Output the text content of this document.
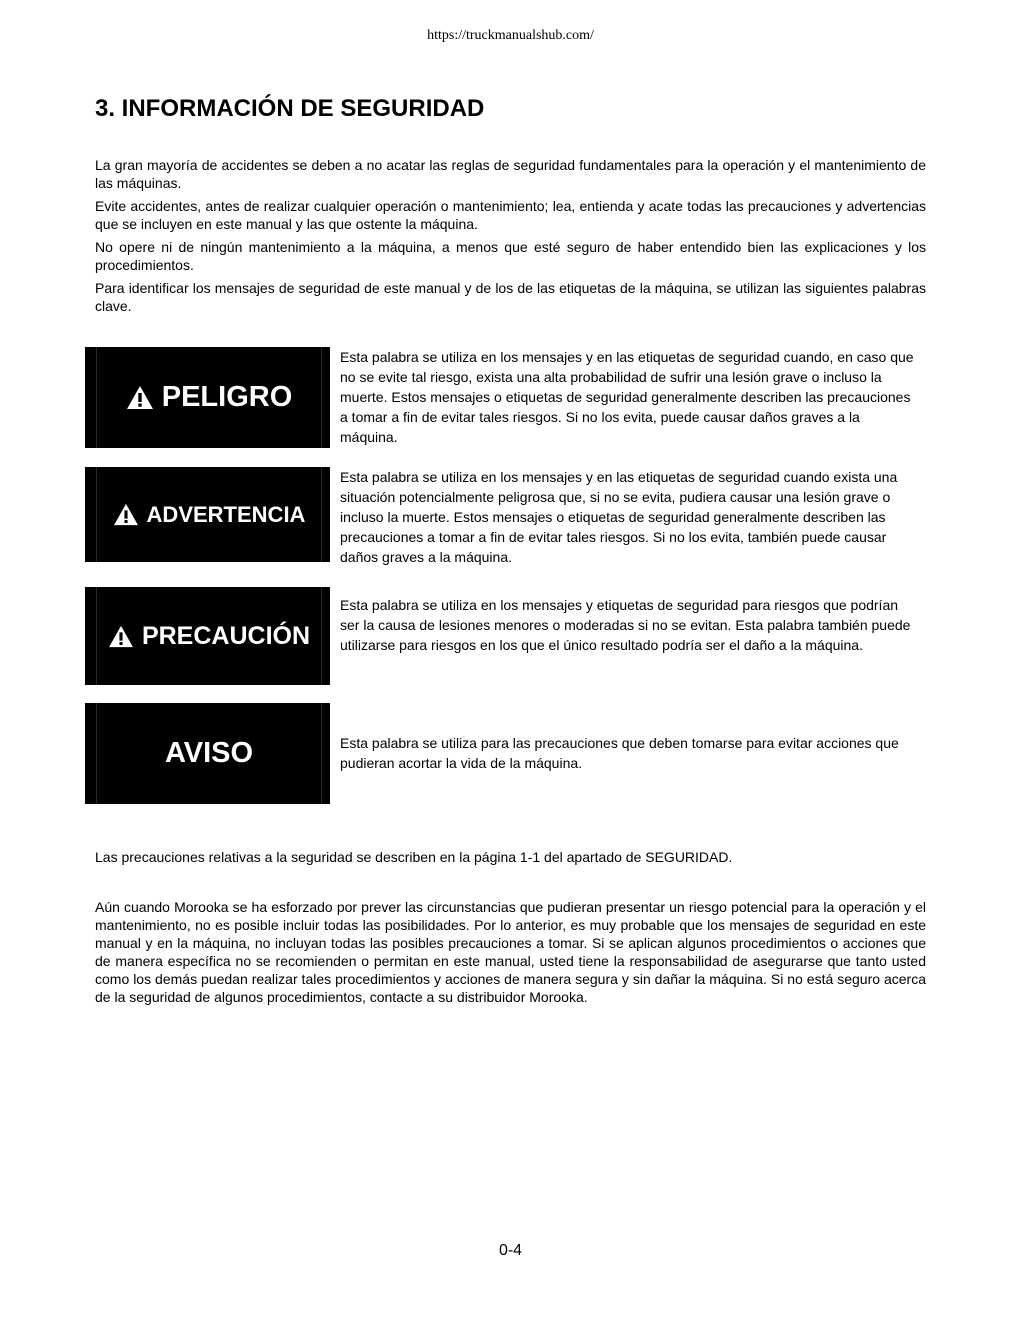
https://truckmanualshub.com/
3. INFORMACIÓN DE SEGURIDAD

La gran mayoría de accidentes se deben a no acatar las reglas de seguridad fundamentales para la operación y el mantenimiento de las máquinas.

Evite accidentes, antes de realizar cualquier operación o mantenimiento; lea, entienda y acate todas las precauciones y advertencias que se incluyen en este manual y las que ostente la máquina.

No opere ni de ningún mantenimiento a la máquina, a menos que esté seguro de haber entendido bien las explicaciones y los procedimientos.

Para identificar los mensajes de seguridad de este manual y de los de las etiquetas de la máquina, se utilizan las siguientes palabras clave.

PELIGRO

Esta palabra se utiliza en los mensajes y en las etiquetas de seguridad cuando, en caso que no se evite tal riesgo, exista una alta probabilidad de sufrir una lesión grave o incluso la muerte. Estos mensajes o etiquetas de seguridad generalmente describen las precauciones a tomar a fin de evitar tales riesgos. Si no los evita, puede causar daños graves a la máquina.

ADVERTENCIA

Esta palabra se utiliza en los mensajes y en las etiquetas de seguridad cuando exista una situación potencialmente peligrosa que, si no se evita, pudiera causar una lesión grave o incluso la muerte. Estos mensajes o etiquetas de seguridad generalmente describen las precauciones a tomar a fin de evitar tales riesgos. Si no los evita, también puede causar daños graves a la máquina.

PRECAUCIÓN

Esta palabra se utiliza en los mensajes y etiquetas de seguridad para riesgos que podrían ser la causa de lesiones menores o moderadas si no se evitan. Esta palabra también puede utilizarse para riesgos en los que el único resultado podría ser el daño a la máquina.

AVISO	Esta palabra se utiliza para las precauciones que deben tomarse para evitar acciones que pudieran acortar la vida de la máquina.

Las precauciones relativas a la seguridad se describen en la página 1-1 del apartado de SEGURIDAD.

Aún cuando Morooka se ha esforzado por prever las circunstancias que pudieran presentar un riesgo potencial para la operación y el mantenimiento, no es posible incluir todas las posibilidades. Por lo anterior, es muy probable que los mensajes de seguridad en este manual y en la máquina, no incluyan todas las posibles precauciones a tomar. Si se aplican algunos procedimientos o acciones que de manera específica no se recomienden o permitan en este manual, usted tiene la responsabilidad de asegurarse que tanto usted como los demás puedan realizar tales procedimientos y acciones de manera segura y sin dañar la máquina. Si no está seguro acerca de la seguridad de algunos procedimientos, contacte a su distribuidor Morooka.

0-4
